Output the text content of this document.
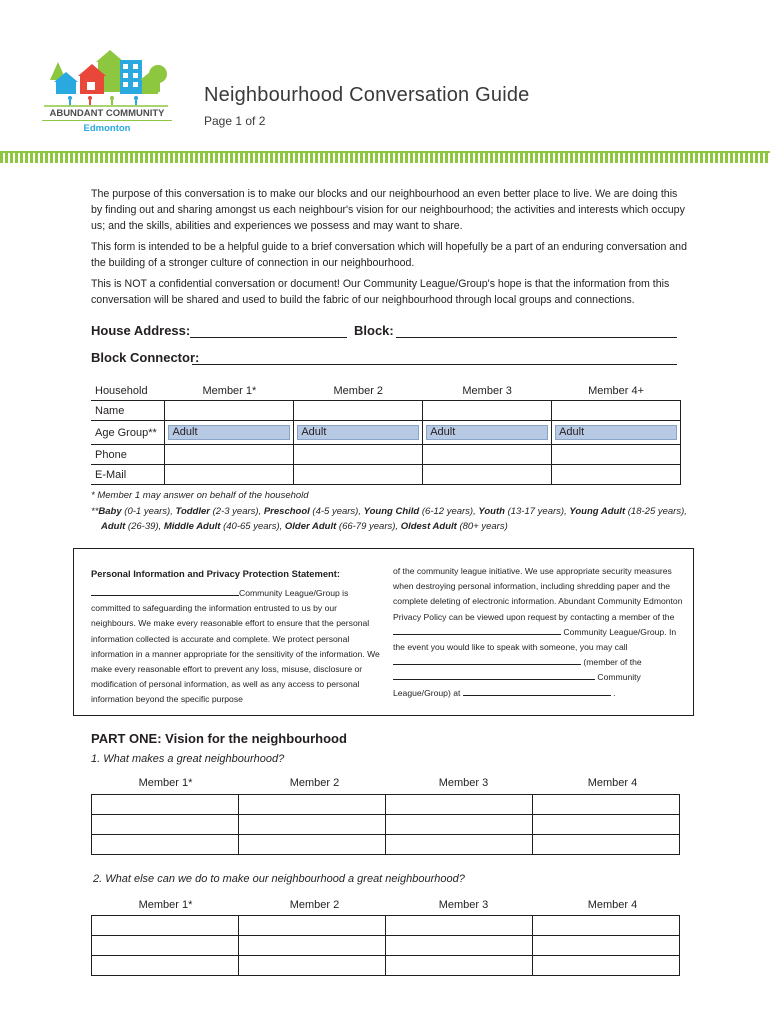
ABUNDANT COMMUNITY
Edmonton
Neighbourhood Conversation Guide
Page 1 of 2
The purpose of this conversation is to make our blocks and our neighbourhood an even better place to live. We are doing this by finding out and sharing amongst us each neighbour's vision for our neighbourhood; the activities and interests which occupy us; and the skills, abilities and experiences we possess and may want to share.
This form is intended to be a helpful guide to a brief conversation which will hopefully be a part of an enduring conversation and the building of a stronger culture of connection in our neighbourhood.
This is NOT a confidential conversation or document! Our Community League/Group's hope is that the information from this conversation will be shared and used to build the fabric of our neighbourhood through local groups and connections.
House Address:	Block:
Block Connector:
Household	Member 1*	Member 2	Member 3	Member 4+
Name				
Age Group**	Adult	Adult	Adult	Adult

Phone				
E-Mail				
* Member 1 may answer on behalf of the household
**Baby (0-1 years), Toddler (2-3 years), Preschool (4-5 years), Young Child (6-12 years), Youth (13-17 years), Young Adult (18-25 years), Adult (26-39), Middle Adult (40-65 years), Older Adult (66-79 years), Oldest Adult (80+ years)
Personal Information and Privacy Protection Statement:
Community League/Group is committed to safeguarding the information entrusted to us by our neighbours. We make every reasonable effort to ensure that the personal information collected is accurate and complete. We protect personal information in a manner appropriate for the sensitivity of the information. We make every reasonable effort to prevent any loss, misuse, disclosure or modification of personal information, as well as any access to personal information beyond the specific purpose
of the community league initiative. We use appropriate security measures when destroying personal information, including shredding paper and the complete deleting of electronic information. Abundant Community Edmonton Privacy Policy can be viewed upon request by contacting a member of the  Community League/Group. In the event you would like to speak with someone, you may call  (member of the  Community League/Group) at	.
PART ONE: Vision for the neighbourhood
1. What makes a great neighbourhood?
Member 1*	Member 2	Member 3	Member 4

2. What else can we do to make our neighbourhood a great neighbourhood?
Member 1*	Member 2	Member 3	Member 4
